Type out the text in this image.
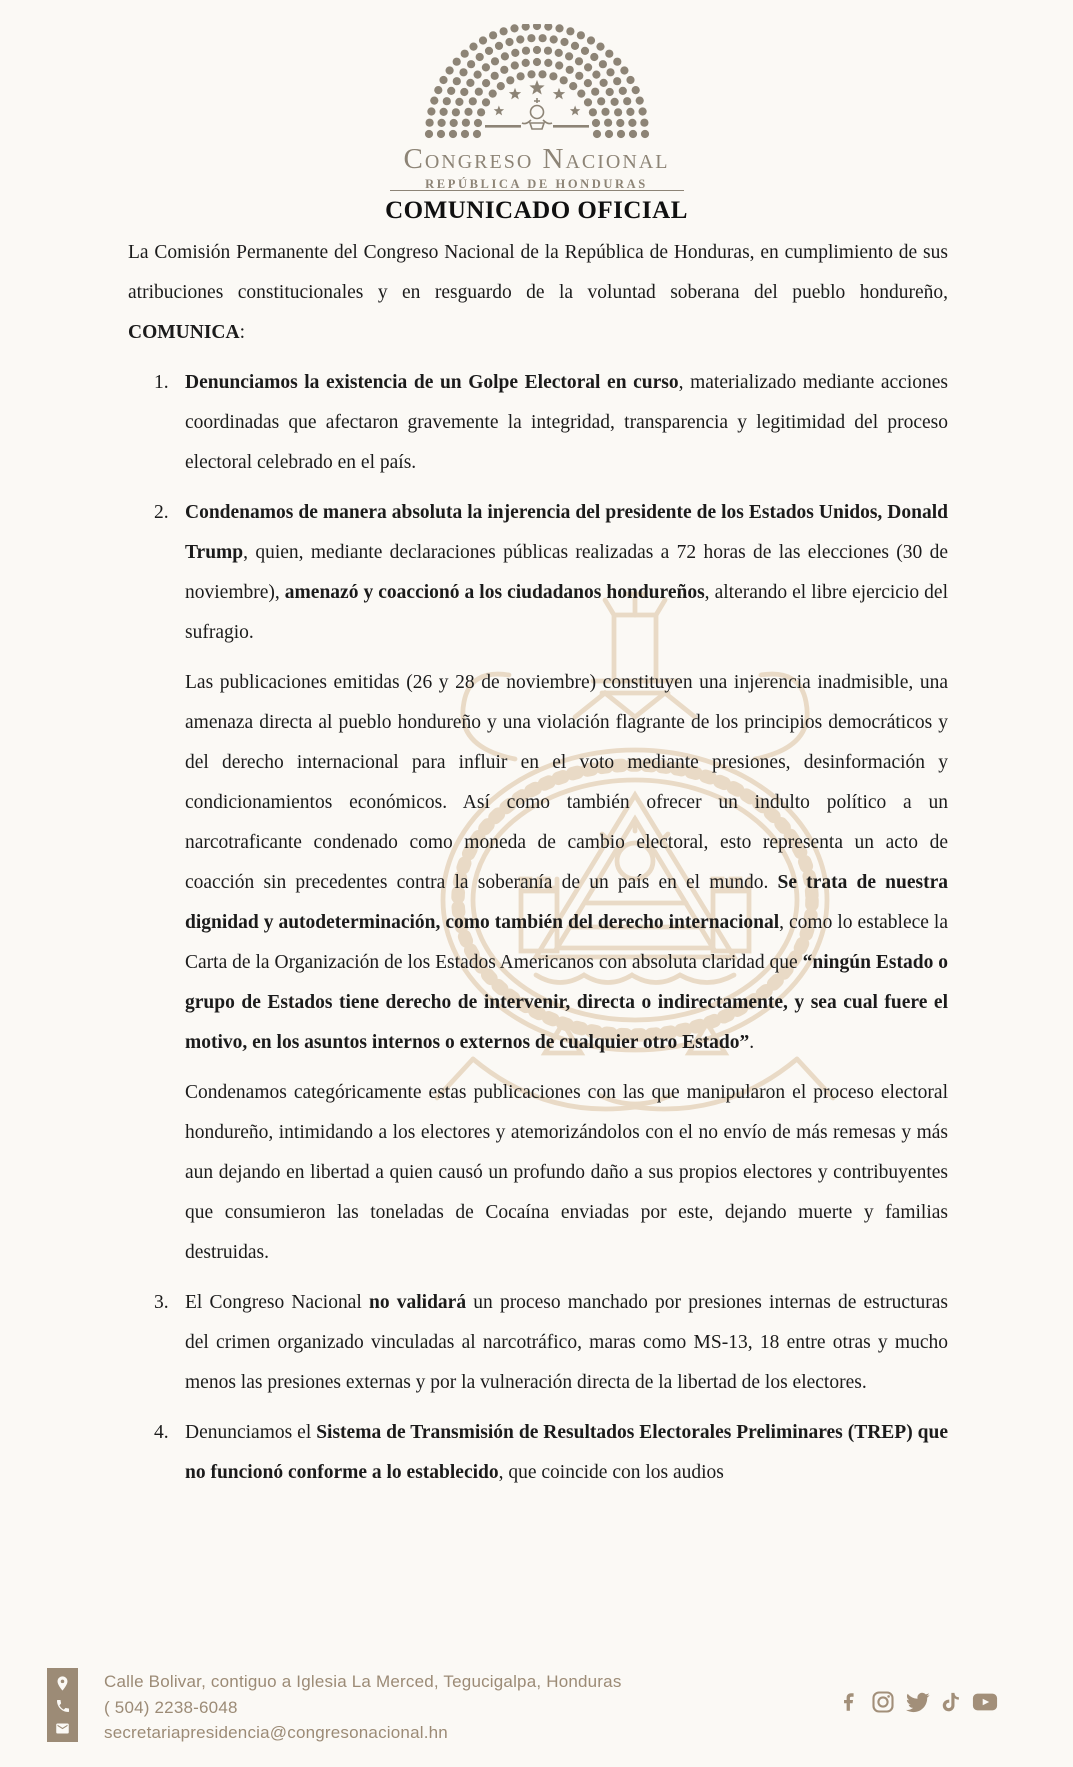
Congreso Nacional
REPÚBLICA DE HONDURAS
COMUNICADO OFICIAL
La Comisión Permanente del Congreso Nacional de la República de Honduras, en cumplimiento de sus atribuciones constitucionales y en resguardo de la voluntad soberana del pueblo hondureño, COMUNICA:
1. Denunciamos la existencia de un Golpe Electoral en curso, materializado mediante acciones coordinadas que afectaron gravemente la integridad, transparencia y legitimidad del proceso electoral celebrado en el país.
2. Condenamos de manera absoluta la injerencia del presidente de los Estados Unidos, Donald Trump, quien, mediante declaraciones públicas realizadas a 72 horas de las elecciones (30 de noviembre), amenazó y coaccionó a los ciudadanos hondureños, alterando el libre ejercicio del sufragio.
Las publicaciones emitidas (26 y 28 de noviembre) constituyen una injerencia inadmisible, una amenaza directa al pueblo hondureño y una violación flagrante de los principios democráticos y del derecho internacional para influir en el voto mediante presiones, desinformación y condicionamientos económicos. Así como también ofrecer un indulto político a un narcotraficante condenado como moneda de cambio electoral, esto representa un acto de coacción sin precedentes contra la soberanía de un país en el mundo. Se trata de nuestra dignidad y autodeterminación, como también del derecho internacional, como lo establece la Carta de la Organización de los Estados Americanos con absoluta claridad que “ningún Estado o grupo de Estados tiene derecho de intervenir, directa o indirectamente, y sea cual fuere el motivo, en los asuntos internos o externos de cualquier otro Estado”.
Condenamos categóricamente estas publicaciones con las que manipularon el proceso electoral hondureño, intimidando a los electores y atemorizándolos con el no envío de más remesas y más aun dejando en libertad a quien causó un profundo daño a sus propios electores y contribuyentes que consumieron las toneladas de Cocaína enviadas por este, dejando muerte y familias destruidas.
3. El Congreso Nacional no validará un proceso manchado por presiones internas de estructuras del crimen organizado vinculadas al narcotráfico, maras como MS-13, 18 entre otras y mucho menos las presiones externas y por la vulneración directa de la libertad de los electores.
4. Denunciamos el Sistema de Transmisión de Resultados Electorales Preliminares (TREP) que no funcionó conforme a lo establecido, que coincide con los audios
Calle Bolivar, contiguo a Iglesia La Merced, Tegucigalpa, Honduras
( 504) 2238-6048
secretariapresidencia@congresonacional.hn
